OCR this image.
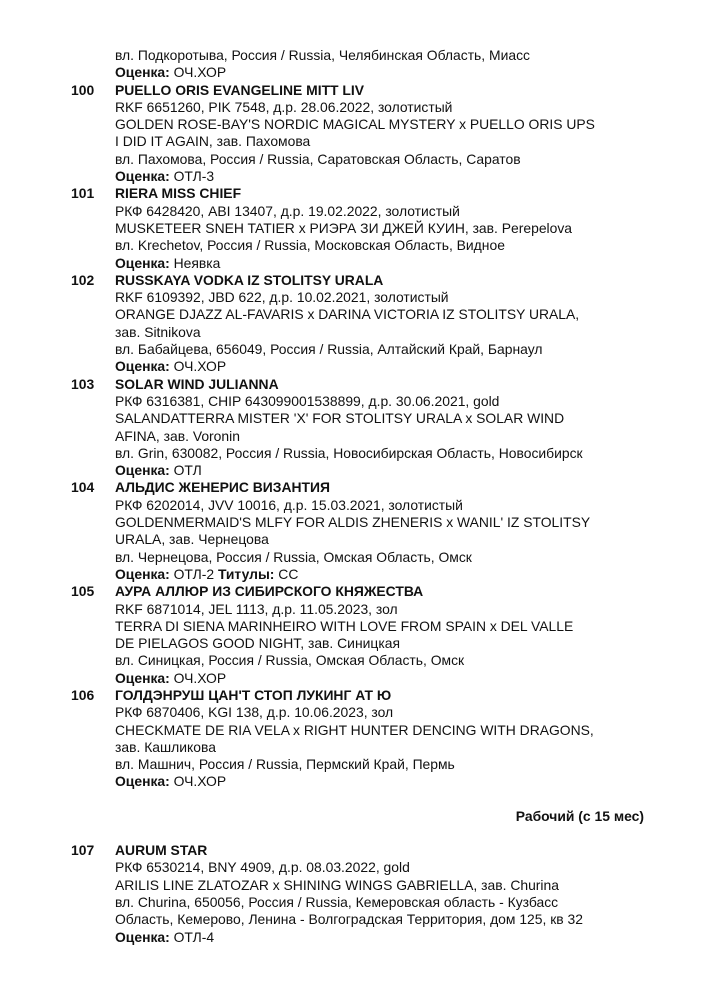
вл. Подкоротыва, Россия / Russia, Челябинская Область, Миасс
Оценка: ОЧ.ХОР
100	PUELLO ORIS EVANGELINE MITT LIV
RKF 6651260, PIK 7548, д.р. 28.06.2022, золотистый
GOLDEN ROSE-BAY'S NORDIC MAGICAL MYSTERY x PUELLO ORIS UPS
I DID IT AGAIN, зав. Пахомова
вл. Пахомова, Россия / Russia, Саратовская Область, Саратов
Оценка: ОТЛ-3
101	RIERA MISS CHIEF
РКФ 6428420, ABI 13407, д.р. 19.02.2022, золотистый
MUSKETEER SNEH TATIER x РИЭРА ЗИ ДЖЕЙ КУИН, зав. Perepelova
вл. Krechetov, Россия / Russia, Московская Область, Видное
Оценка: Неявка
102	RUSSKAYA VODKA IZ STOLITSY URALA
RKF 6109392, JBD 622, д.р. 10.02.2021, золотистый
ORANGE DJAZZ AL-FAVARIS x DARINA VICTORIA IZ STOLITSY URALA,
зав. Sitnikova
вл. Бабайцева, 656049, Россия / Russia, Алтайский Край, Барнаул
Оценка: ОЧ.ХОР
103	SOLAR WIND JULIANNA
РКФ 6316381, CHIP 643099001538899, д.р. 30.06.2021, gold
SALANDATTERRA MISTER 'X' FOR STOLITSY URALA x SOLAR WIND
AFINA, зав. Voronin
вл. Grin, 630082, Россия / Russia, Новосибирская Область, Новосибирск
Оценка: ОТЛ
104	АЛЬДИС ЖЕНЕРИС ВИЗАНТИЯ
РКФ 6202014, JVV 10016, д.р. 15.03.2021, золотистый
GOLDENMERMAID'S MLFY FOR ALDIS ZHENERIS x WANIL' IZ STOLITSY
URALA, зав. Чернецова
вл. Чернецова, Россия / Russia, Омская Область, Омск
Оценка: ОТЛ-2 Титулы: СС
105	АУРА АЛЛЮР ИЗ СИБИРСКОГО КНЯЖЕСТВА
RKF 6871014, JEL 1113, д.р. 11.05.2023, зол
TERRA DI SIENA MARINHEIRO WITH LOVE FROM SPAIN x DEL VALLE
DE PIELAGOS GOOD NIGHT, зав. Синицкая
вл. Синицкая, Россия / Russia, Омская Область, Омск
Оценка: ОЧ.ХОР
106	ГОЛДЭНРУШ ЦАН'Т СТОП ЛУКИНГ АТ Ю
РКФ 6870406, KGI 138, д.р. 10.06.2023, зол
CHECKMATE DE RIA VELA x RIGHT HUNTER DENCING WITH DRAGONS,
зав. Кашликова
вл. Машнич, Россия / Russia, Пермский Край, Пермь
Оценка: ОЧ.ХОР
Рабочий (с 15 мес)
107	AURUM STAR
РКФ 6530214, BNY 4909, д.р. 08.03.2022, gold
ARILIS LINE ZLATOZAR x SHINING WINGS GABRIELLA, зав. Churina
вл. Churina, 650056, Россия / Russia, Кемеровская область - Кузбасс
Область, Кемерово, Ленина - Волгоградская Территория, дом 125, кв 32
Оценка: ОТЛ-4
